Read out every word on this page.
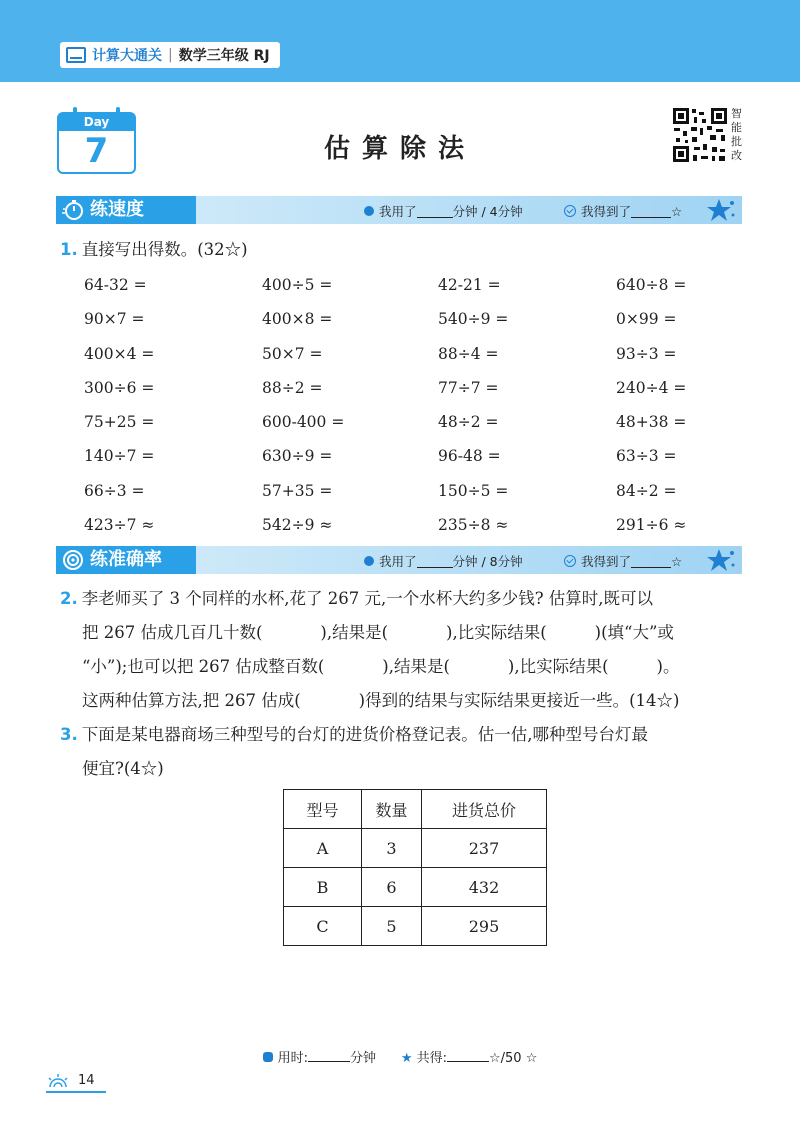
计算大通关 | 数学三年级 RJ
Day
7	估算除法
智能批改
练速度	我用了	分钟 / 4分钟	我得到了	☆
1. 直接写出得数。(32☆)
64-32 =	400÷5 =	42-21 =	640÷8 =
90×7 =	400×8 =	540÷9 =	0×99 =
400×4 =	50×7 =	88÷4 =	93÷3 =
300÷6 =	88÷2 =	77÷7 =	240÷4 =
75+25 =	600-400 =	48÷2 =	48+38 =
140÷7 =	630÷9 =	96-48 =	63÷3 =
66÷3 =	57+35 =	150÷5 =	84÷2 =
423÷7 ≈	542÷9 ≈	235÷8 ≈	291÷6 ≈
练准确率	我用了	分钟 / 8分钟	我得到了	☆
2. 李老师买了 3 个同样的水杯,花了 267 元,一个水杯大约多少钱? 估算时,既可以
把 267 估成几百几十数(	),结果是(	),比实际结果(	)(填“大”或
“小”);也可以把 267 估成整百数(	),结果是(	),比实际结果(	)。
这两种估算方法,把 267 估成(	)得到的结果与实际结果更接近一些。(14☆)
3. 下面是某电器商场三种型号的台灯的进货价格登记表。估一估,哪种型号台灯最
便宜?(4☆)
型号	数量	进货总价
A	3	237
B	6	432
C	5	295
用时:	分钟 ★ 共得:	☆/50 ☆
14
